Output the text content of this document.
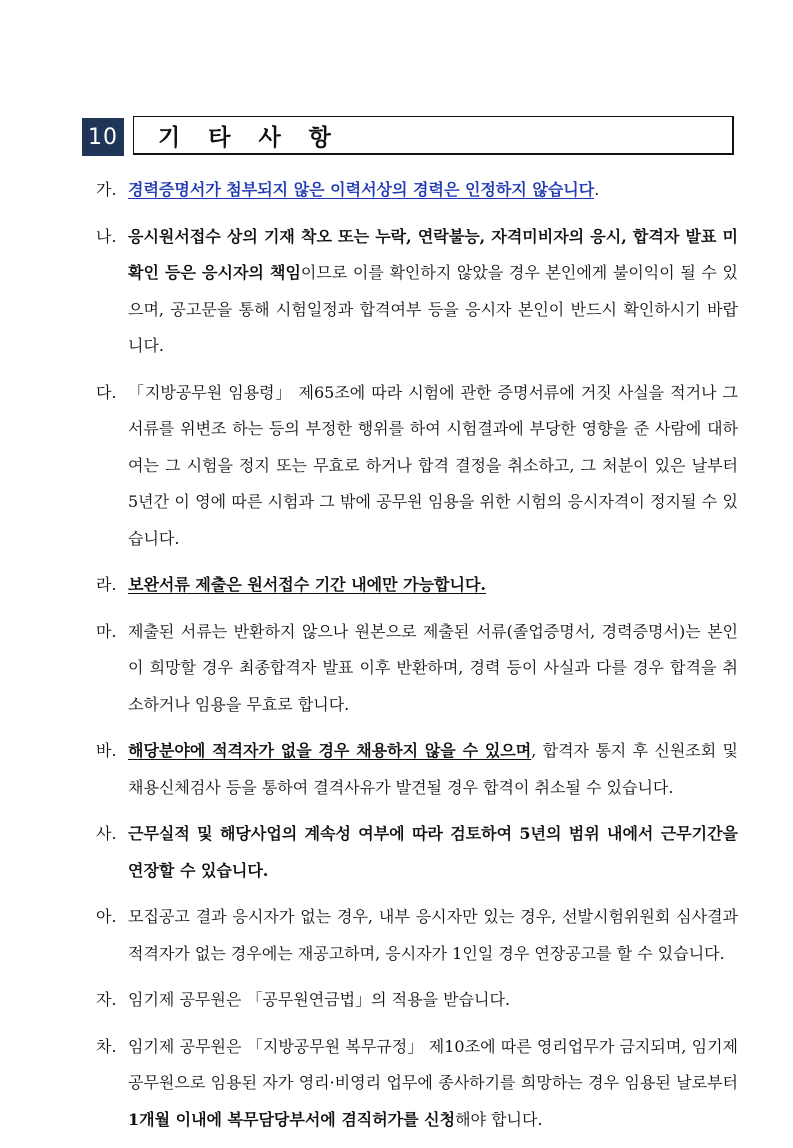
10	기 타 사 항
가. 경력증명서가 첨부되지 않은 이력서상의 경력은 인정하지 않습니다.
나. 응시원서접수 상의 기재 착오 또는 누락, 연락불능, 자격미비자의 응시, 합격자 발표 미확인 등은 응시자의 책임이므로 이를 확인하지 않았을 경우 본인에게 불이익이 될 수 있으며, 공고문을 통해 시험일정과 합격여부 등을 응시자 본인이 반드시 확인하시기 바랍니다.
다. 「지방공무원 임용령」 제65조에 따라 시험에 관한 증명서류에 거짓 사실을 적거나 그 서류를 위변조 하는 등의 부정한 행위를 하여 시험결과에 부당한 영향을 준 사람에 대하여는 그 시험을 정지 또는 무효로 하거나 합격 결정을 취소하고, 그 처분이 있은 날부터 5년간 이 영에 따른 시험과 그 밖에 공무원 임용을 위한 시험의 응시자격이 정지될 수 있습니다.
라. 보완서류 제출은 원서접수 기간 내에만 가능합니다.
마. 제출된 서류는 반환하지 않으나 원본으로 제출된 서류(졸업증명서, 경력증명서)는 본인이 희망할 경우 최종합격자 발표 이후 반환하며, 경력 등이 사실과 다를 경우 합격을 취소하거나 임용을 무효로 합니다.
바. 해당분야에 적격자가 없을 경우 채용하지 않을 수 있으며, 합격자 통지 후 신원조회 및 채용신체검사 등을 통하여 결격사유가 발견될 경우 합격이 취소될 수 있습니다.
사. 근무실적 및 해당사업의 계속성 여부에 따라 검토하여 5년의 범위 내에서 근무기간을 연장할 수 있습니다.
아. 모집공고 결과 응시자가 없는 경우, 내부 응시자만 있는 경우, 선발시험위원회 심사결과 적격자가 없는 경우에는 재공고하며, 응시자가 1인일 경우 연장공고를 할 수 있습니다.
자. 임기제 공무원은 「공무원연금법」의 적용을 받습니다.
차. 임기제 공무원은 「지방공무원 복무규정」 제10조에 따른 영리업무가 금지되며, 임기제 공무원으로 임용된 자가 영리·비영리 업무에 종사하기를 희망하는 경우 임용된 날로부터 1개월 이내에 복무담당부서에 겸직허가를 신청해야 합니다.
